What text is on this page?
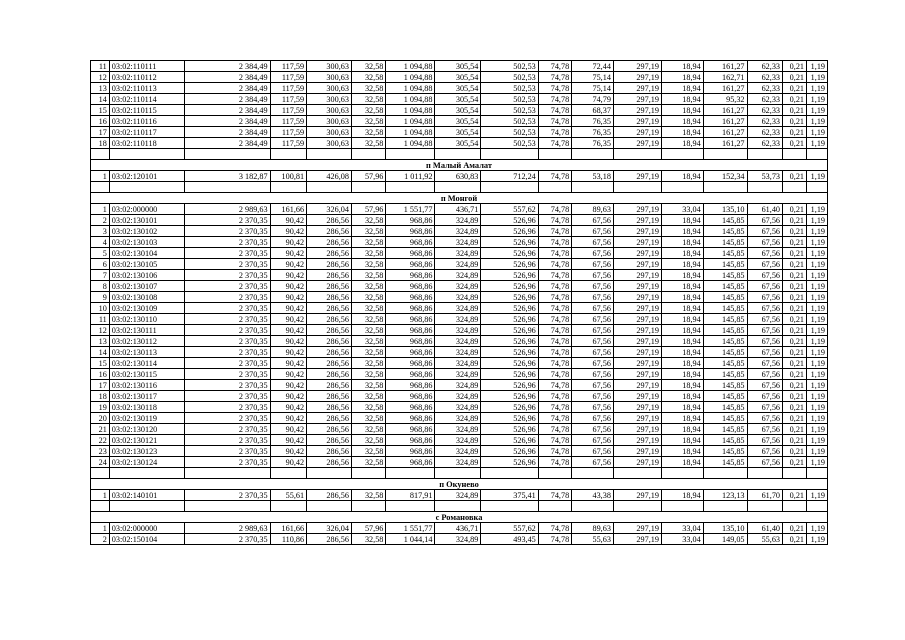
11	03:02:110111	2 384,49	117,59	300,63	32,58	1 094,88	305,54	502,53	74,78	72,44	297,19	18,94	161,27	62,33	0,21	1,19
12	03:02:110112	2 384,49	117,59	300,63	32,58	1 094,88	305,54	502,53	74,78	75,14	297,19	18,94	162,71	62,33	0,21	1,19
13	03:02:110113	2 384,49	117,59	300,63	32,58	1 094,88	305,54	502,53	74,78	75,14	297,19	18,94	161,27	62,33	0,21	1,19
14	03:02:110114	2 384,49	117,59	300,63	32,58	1 094,88	305,54	502,53	74,78	74,79	297,19	18,94	95,32	62,33	0,21	1,19
15	03:02:110115	2 384,49	117,59	300,63	32,58	1 094,88	305,54	502,53	74,78	68,37	297,19	18,94	161,27	62,33	0,21	1,19
16	03:02:110116	2 384,49	117,59	300,63	32,58	1 094,88	305,54	502,53	74,78	76,35	297,19	18,94	161,27	62,33	0,21	1,19
17	03:02:110117	2 384,49	117,59	300,63	32,58	1 094,88	305,54	502,53	74,78	76,35	297,19	18,94	161,27	62,33	0,21	1,19
18	03:02:110118	2 384,49	117,59	300,63	32,58	1 094,88	305,54	502,53	74,78	76,35	297,19	18,94	161,27	62,33	0,21	1,19

п Малый Амалат																
1	03:02:120101	3 182,87	100,81	426,08	57,96	1 011,92	630,83	712,24	74,78	53,18	297,19	18,94	152,34	53,73	0,21	1,19

п Монгой																
1	03:02:000000	2 989,63	161,66	326,04	57,96	1 551,77	436,71	557,62	74,78	89,63	297,19	33,04	135,10	61,40	0,21	1,19
2	03:02:130101	2 370,35	90,42	286,56	32,58	968,86	324,89	526,96	74,78	67,56	297,19	18,94	145,85	67,56	0,21	1,19
3	03:02:130102	2 370,35	90,42	286,56	32,58	968,86	324,89	526,96	74,78	67,56	297,19	18,94	145,85	67,56	0,21	1,19
4	03:02:130103	2 370,35	90,42	286,56	32,58	968,86	324,89	526,96	74,78	67,56	297,19	18,94	145,85	67,56	0,21	1,19
5	03:02:130104	2 370,35	90,42	286,56	32,58	968,86	324,89	526,96	74,78	67,56	297,19	18,94	145,85	67,56	0,21	1,19
6	03:02:130105	2 370,35	90,42	286,56	32,58	968,86	324,89	526,96	74,78	67,56	297,19	18,94	145,85	67,56	0,21	1,19
7	03:02:130106	2 370,35	90,42	286,56	32,58	968,86	324,89	526,96	74,78	67,56	297,19	18,94	145,85	67,56	0,21	1,19
8	03:02:130107	2 370,35	90,42	286,56	32,58	968,86	324,89	526,96	74,78	67,56	297,19	18,94	145,85	67,56	0,21	1,19
9	03:02:130108	2 370,35	90,42	286,56	32,58	968,86	324,89	526,96	74,78	67,56	297,19	18,94	145,85	67,56	0,21	1,19
10	03:02:130109	2 370,35	90,42	286,56	32,58	968,86	324,89	526,96	74,78	67,56	297,19	18,94	145,85	67,56	0,21	1,19
11	03:02:130110	2 370,35	90,42	286,56	32,58	968,86	324,89	526,96	74,78	67,56	297,19	18,94	145,85	67,56	0,21	1,19
12	03:02:130111	2 370,35	90,42	286,56	32,58	968,86	324,89	526,96	74,78	67,56	297,19	18,94	145,85	67,56	0,21	1,19
13	03:02:130112	2 370,35	90,42	286,56	32,58	968,86	324,89	526,96	74,78	67,56	297,19	18,94	145,85	67,56	0,21	1,19
14	03:02:130113	2 370,35	90,42	286,56	32,58	968,86	324,89	526,96	74,78	67,56	297,19	18,94	145,85	67,56	0,21	1,19
15	03:02:130114	2 370,35	90,42	286,56	32,58	968,86	324,89	526,96	74,78	67,56	297,19	18,94	145,85	67,56	0,21	1,19
16	03:02:130115	2 370,35	90,42	286,56	32,58	968,86	324,89	526,96	74,78	67,56	297,19	18,94	145,85	67,56	0,21	1,19
17	03:02:130116	2 370,35	90,42	286,56	32,58	968,86	324,89	526,96	74,78	67,56	297,19	18,94	145,85	67,56	0,21	1,19
18	03:02:130117	2 370,35	90,42	286,56	32,58	968,86	324,89	526,96	74,78	67,56	297,19	18,94	145,85	67,56	0,21	1,19
19	03:02:130118	2 370,35	90,42	286,56	32,58	968,86	324,89	526,96	74,78	67,56	297,19	18,94	145,85	67,56	0,21	1,19
20	03:02:130119	2 370,35	90,42	286,56	32,58	968,86	324,89	526,96	74,78	67,56	297,19	18,94	145,85	67,56	0,21	1,19
21	03:02:130120	2 370,35	90,42	286,56	32,58	968,86	324,89	526,96	74,78	67,56	297,19	18,94	145,85	67,56	0,21	1,19
22	03:02:130121	2 370,35	90,42	286,56	32,58	968,86	324,89	526,96	74,78	67,56	297,19	18,94	145,85	67,56	0,21	1,19
23	03:02:130123	2 370,35	90,42	286,56	32,58	968,86	324,89	526,96	74,78	67,56	297,19	18,94	145,85	67,56	0,21	1,19
24	03:02:130124	2 370,35	90,42	286,56	32,58	968,86	324,89	526,96	74,78	67,56	297,19	18,94	145,85	67,56	0,21	1,19

п Окунево																
1	03:02:140101	2 370,35	55,61	286,56	32,58	817,91	324,89	375,41	74,78	43,38	297,19	18,94	123,13	61,70	0,21	1,19

с Романовка																
1	03:02:000000	2 989,63	161,66	326,04	57,96	1 551,77	436,71	557,62	74,78	89,63	297,19	33,04	135,10	61,40	0,21	1,19
2	03:02:150104	2 370,35	110,86	286,56	32,58	1 044,14	324,89	493,45	74,78	55,63	297,19	33,04	149,05	55,63	0,21	1,19
